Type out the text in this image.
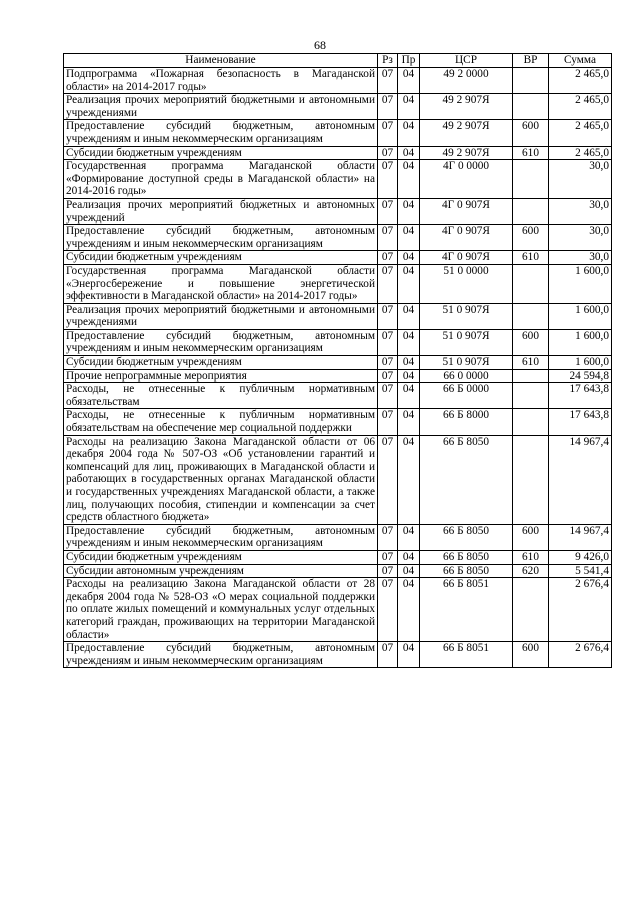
68
Наименование	Рз	Пр	ЦСР	ВР	Сумма
Подпрограмма «Пожарная безопасность в Магаданской области» на 2014-2017 годы»	07	04	49 2 0000		2 465,0
Реализация прочих мероприятий бюджетными и автономными учреждениями	07	04	49 2 907Я		2 465,0
Предоставление субсидий бюджетным, автономным учреждениям и иным некоммерческим организациям	07	04	49 2 907Я	600	2 465,0
Субсидии бюджетным учреждениям	07	04	49 2 907Я	610	2 465,0
Государственная программа Магаданской области «Формирование доступной среды в Магаданской области» на 2014-2016 годы»	07	04	4Г 0 0000		30,0
Реализация прочих мероприятий бюджетных и автономных учреждений	07	04	4Г 0 907Я		30,0
Предоставление субсидий бюджетным, автономным учреждениям и иным некоммерческим организациям	07	04	4Г 0 907Я	600	30,0
Субсидии бюджетным учреждениям	07	04	4Г 0 907Я	610	30,0
Государственная программа Магаданской области «Энергосбережение и повышение энергетической эффективности в Магаданской области» на 2014-2017 годы»	07	04	51 0 0000		1 600,0
Реализация прочих мероприятий бюджетными и автономными учреждениями	07	04	51 0 907Я		1 600,0
Предоставление субсидий бюджетным, автономным учреждениям и иным некоммерческим организациям	07	04	51 0 907Я	600	1 600,0
Субсидии бюджетным учреждениям	07	04	51 0 907Я	610	1 600,0
Прочие непрограммные мероприятия	07	04	66 0 0000		24 594,8
Расходы, не отнесенные к публичным нормативным обязательствам	07	04	66 Б 0000		17 643,8
Расходы, не отнесенные к публичным нормативным обязательствам на обеспечение мер социальной поддержки	07	04	66 Б 8000		17 643,8
Расходы на реализацию Закона Магаданской области от 06 декабря 2004 года № 507-ОЗ «Об установлении гарантий и компенсаций для лиц, проживающих в Магаданской области и работающих в государственных органах Магаданской области и государственных учреждениях Магаданской области, а также лиц, получающих пособия, стипендии и компенсации за счет средств областного бюджета»	07	04	66 Б 8050		14 967,4
Предоставление субсидий бюджетным, автономным учреждениям и иным некоммерческим организациям	07	04	66 Б 8050	600	14 967,4
Субсидии бюджетным учреждениям	07	04	66 Б 8050	610	9 426,0
Субсидии автономным учреждениям	07	04	66 Б 8050	620	5 541,4
Расходы на реализацию Закона Магаданской области от 28 декабря 2004 года № 528-ОЗ «О мерах социальной поддержки по оплате жилых помещений и коммунальных услуг отдельных категорий граждан, проживающих на территории Магаданской области»	07	04	66 Б 8051		2 676,4
Предоставление субсидий бюджетным, автономным учреждениям и иным некоммерческим организациям	07	04	66 Б 8051	600	2 676,4
